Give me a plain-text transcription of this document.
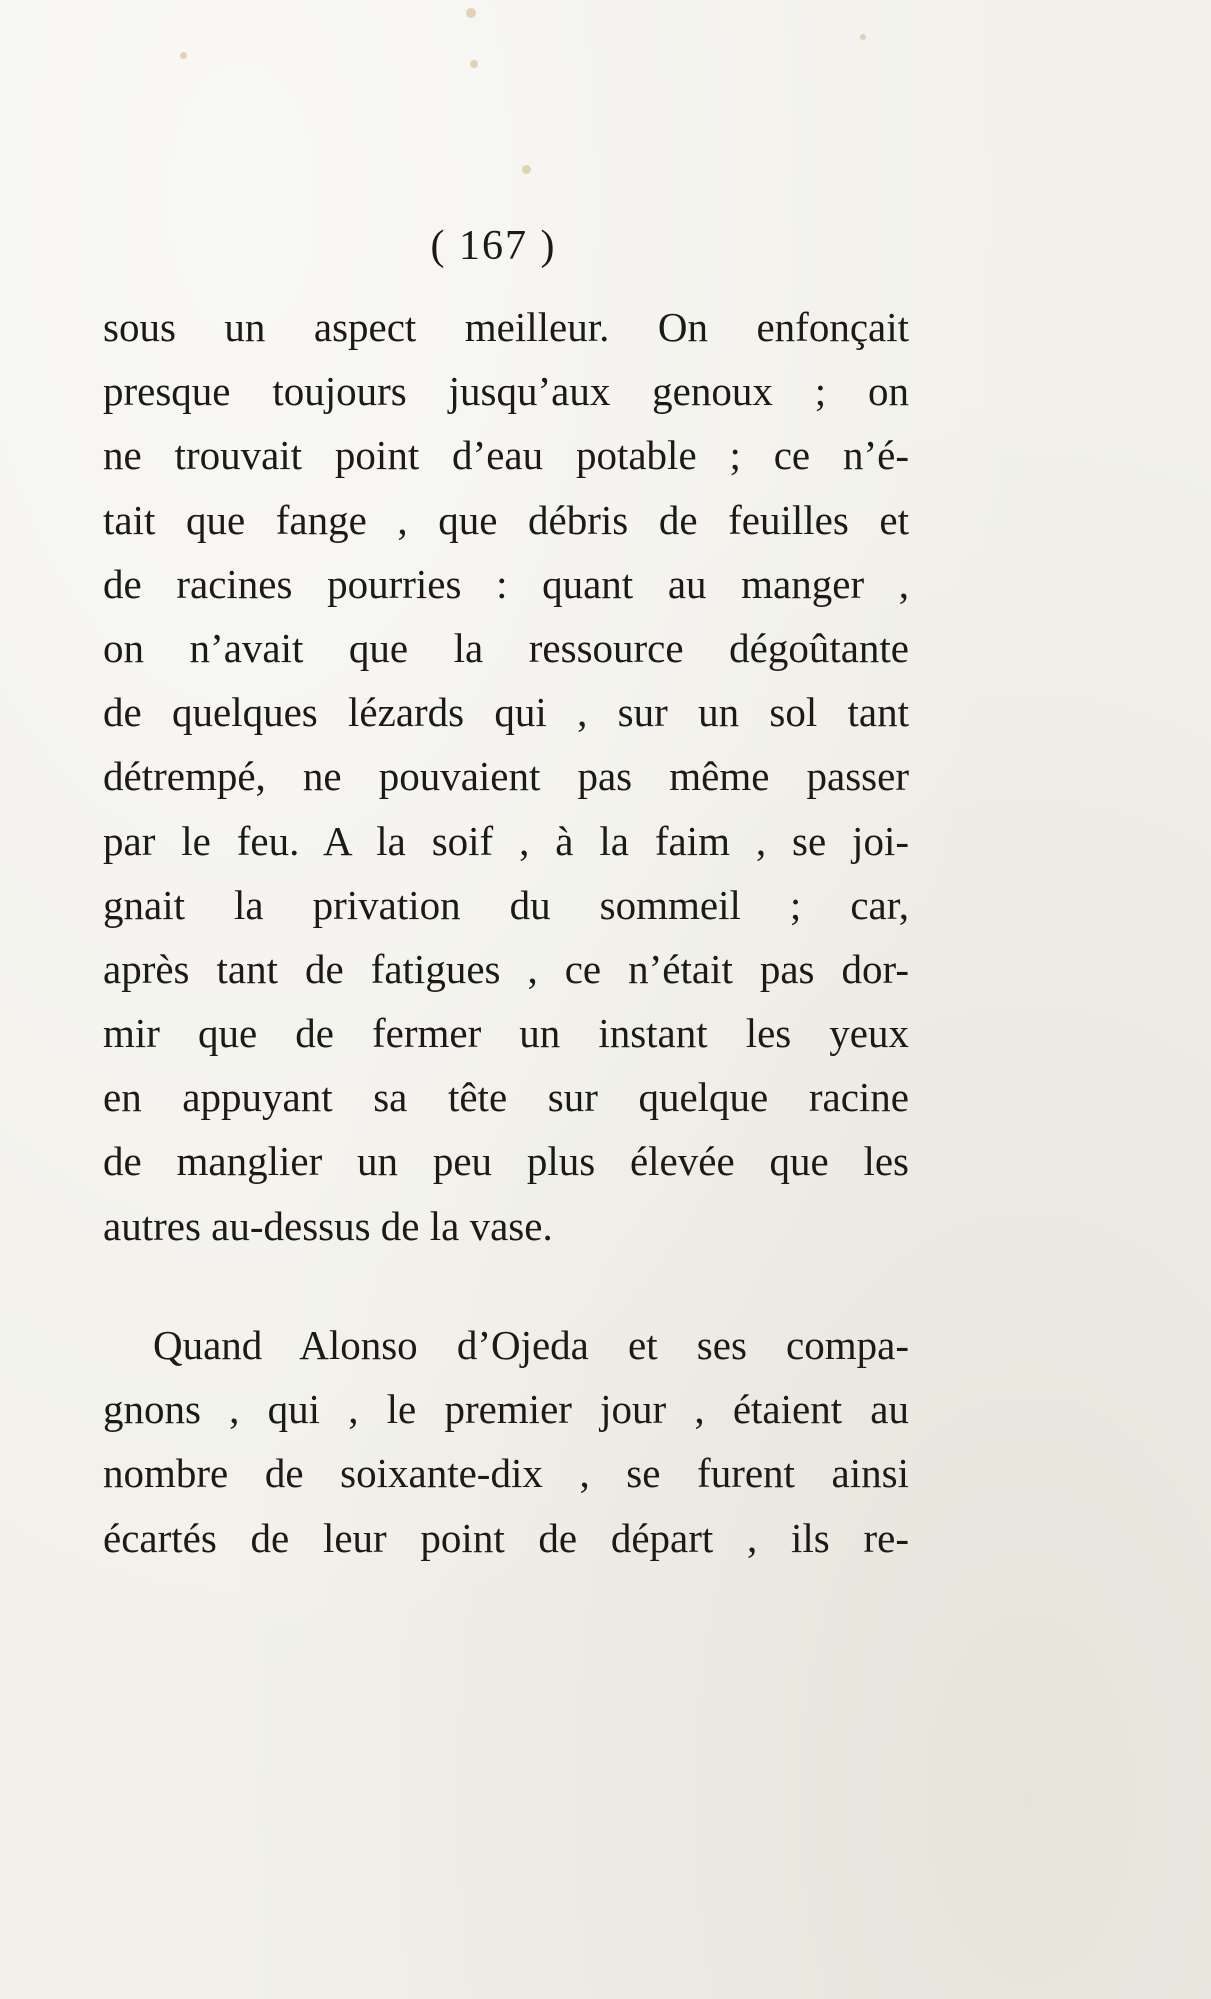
( 167 )
sous un aspect meilleur. On enfonçait
presque toujours jusqu’aux genoux ; on
ne trouvait point d’eau potable ; ce n’é-
tait que fange , que débris de feuilles et
de racines pourries : quant au manger ,
on n’avait que la ressource dégoûtante
de quelques lézards qui , sur un sol tant
détrempé, ne pouvaient pas même passer
par le feu. A la soif , à la faim , se joi-
gnait la privation du sommeil ; car,
après tant de fatigues , ce n’était pas dor-
mir que de fermer un instant les yeux
en appuyant sa tête sur quelque racine
de manglier un peu plus élevée que les
autres au-dessus de la vase.
Quand Alonso d’Ojeda et ses compa-
gnons , qui , le premier jour , étaient au
nombre de soixante-dix , se furent ainsi
écartés de leur point de départ , ils re-
